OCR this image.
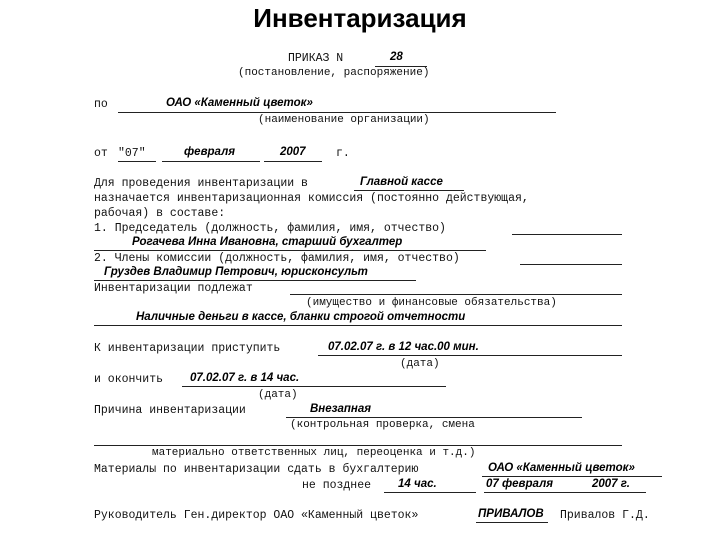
Инвентаризация
ПРИКАЗ N	28
(постановление, распоряжение)
по	ОАО «Каменный цветок»
(наименование организации)
от "07"	февраля	2007	г.
Для проведения инвентаризации в	Главной кассе
назначается инвентаризационная комиссия (постоянно действующая,
рабочая) в составе:
1. Председатель (должность, фамилия, имя, отчество)
Рогачева Инна Ивановна, старший бухгалтер
2. Члены комиссии (должность, фамилия, имя, отчество)
Груздев Владимир Петрович, юрисконсульт
Инвентаризации подлежат
(имущество и финансовые обязательства)
Наличные деньги в кассе, бланки строгой отчетности
К инвентаризации приступить	07.02.07 г. в 12 час.00 мин.
(дата)
и окончить 07.02.07 г. в 14 час.
(дата)
Причина инвентаризации	Внезапная
(контрольная проверка, смена
материально ответственных лиц, переоценка и т.д.)
Материалы по инвентаризации сдать в бухгалтерию	ОАО «Каменный цветок»
не позднее 14 час.	07 февраля	2007 г.
Руководитель Ген.директор ОАО «Каменный цветок»	ПРИВАЛОВ Привалов Г.Д.
